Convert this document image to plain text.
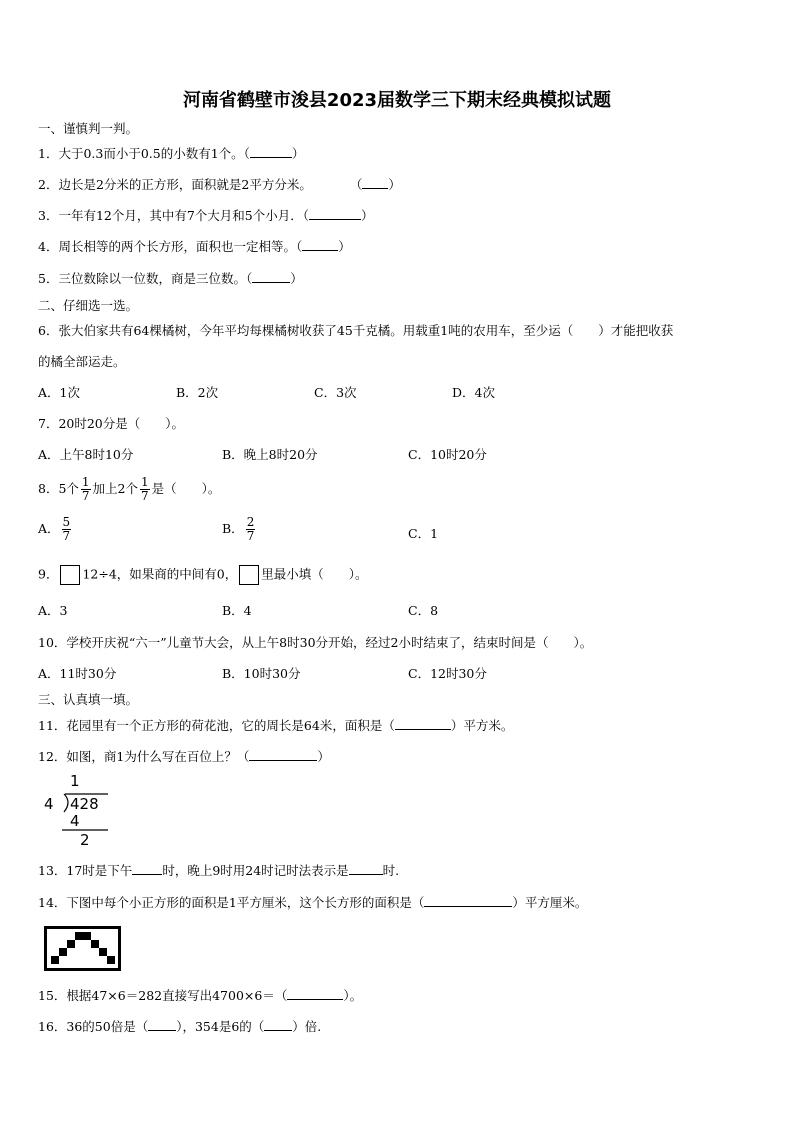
河南省鹤壁市浚县2023届数学三下期末经典模拟试题
一、谨慎判一判。
1．大于0.3而小于0.5的小数有1个。（	）
2．边长是2分米的正方形，面积就是2平方分米。	（ ）
3．一年有12个月，其中有7个大月和5个小月．（	）
4．周长相等的两个长方形，面积也一定相等。（	）
5．三位数除以一位数，商是三位数。（	）
二、仔细选一选。
6．张大伯家共有64棵橘树，今年平均每棵橘树收获了45千克橘。用载重1吨的农用车，至少运（　　）才能把收获
的橘全部运走。
A．1次	B．2次	C．3次	D．4次
7．20时20分是（　　）。
A．上午8时10分	B．晚上8时20分	C．10时20分
8．5个 $\frac{1}{7}$ 加上2个 $\frac{1}{7}$ 是（　　）。
A． $\frac{5}{7}$	B． $\frac{2}{7}$	C．1
9． 12÷4，如果商的中间有0， 里最小填（　　）。
A．3	B．4	C．8
10．学校开庆祝“六一”儿童节大会，从上午8时30分开始，经过2小时结束了，结束时间是（　　）。
A．11时30分	B．10时30分	C．12时30分
三、认真填一填。
11．花园里有一个正方形的荷花池，它的周长是64米，面积是（	）平方米。
12．如图，商1为什么写在百位上？（	）
1
4 428
4
2
13．17时是下午 时，晚上9时用24时记时法表示是	时.
14．下图中每个小正方形的面积是1平方厘米，这个长方形的面积是（	）平方厘米。
15．根据47×6＝282直接写出4700×6＝（	）。
16．36的50倍是（ ），354是6的（ ）倍.
